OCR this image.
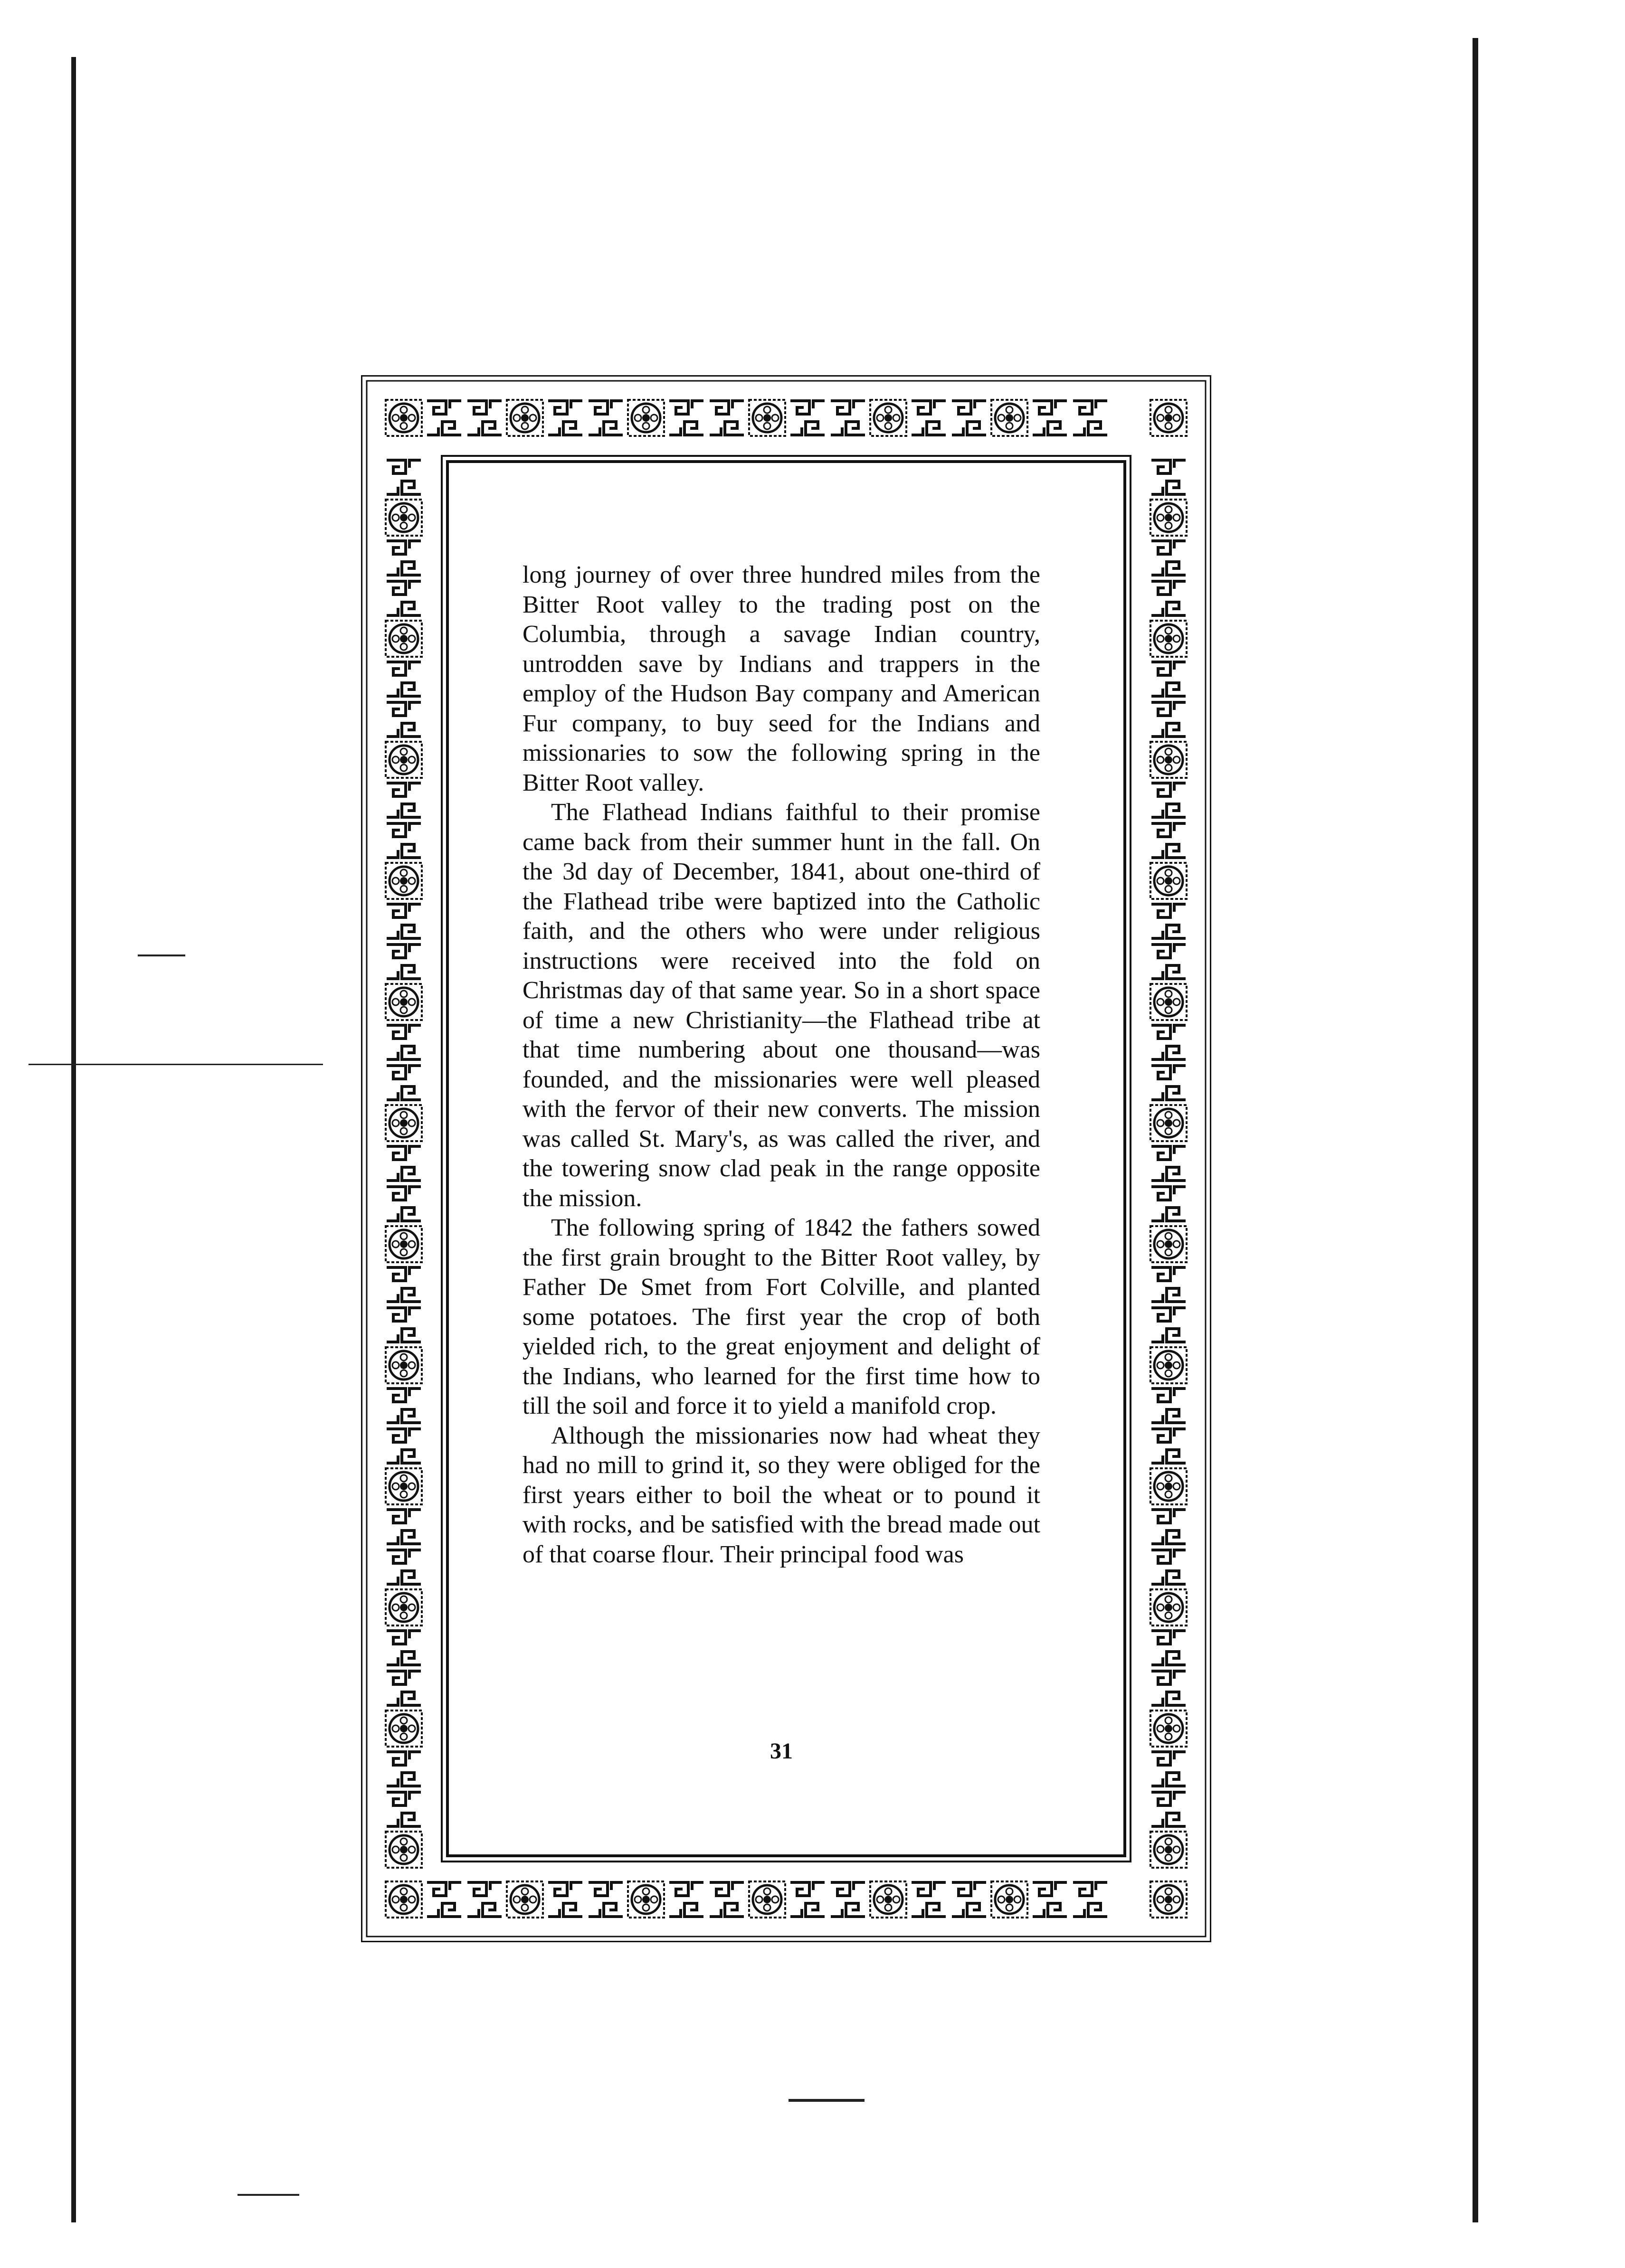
long journey of over three hundred miles from the Bitter Root valley to the trading post on the Columbia, through a savage Indian country, untrodden save by Indians and trappers in the employ of the Hudson Bay company and American Fur company, to buy seed for the Indians and missionaries to sow the following spring in the Bitter Root valley.

The Flathead Indians faithful to their promise came back from their summer hunt in the fall. On the 3d day of December, 1841, about one-third of the Flathead tribe were baptized into the Catholic faith, and the others who were under religious instructions were received into the fold on Christmas day of that same year. So in a short space of time a new Christianity—the Flathead tribe at that time numbering about one thousand—was founded, and the missionaries were well pleased with the fervor of their new converts. The mission was called St. Mary's, as was called the river, and the towering snow clad peak in the range opposite the mission.

The following spring of 1842 the fathers sowed the first grain brought to the Bitter Root valley, by Father De Smet from Fort Colville, and planted some potatoes. The first year the crop of both yielded rich, to the great enjoyment and delight of the Indians, who learned for the first time how to till the soil and force it to yield a manifold crop.

Although the missionaries now had wheat they had no mill to grind it, so they were obliged for the first years either to boil the wheat or to pound it with rocks, and be satisfied with the bread made out of that coarse flour. Their principal food was

31
